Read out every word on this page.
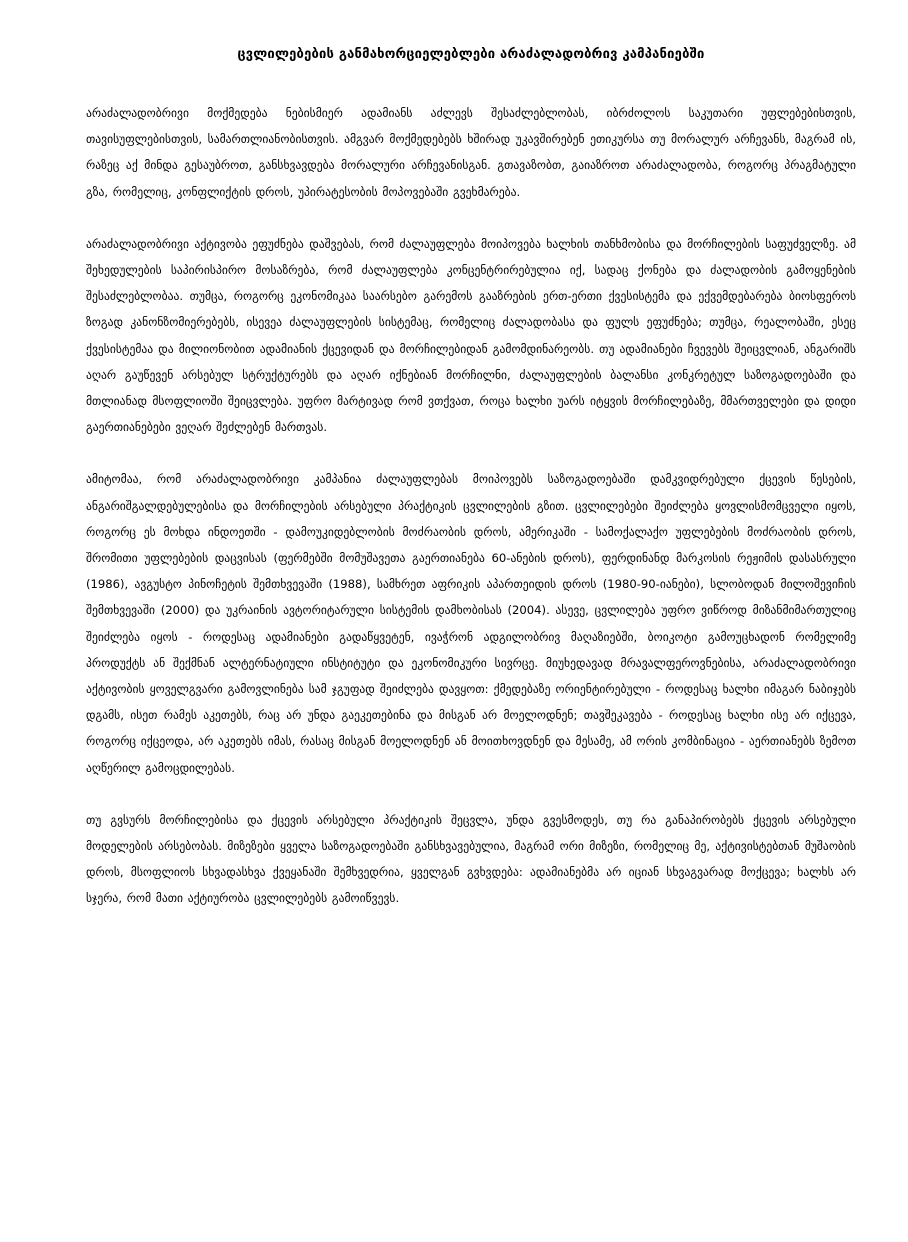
ცვლილებების განმახორციელებლები არაძალადობრივ კამპანიებში

არაძალადობრივი მოქმედება ნებისმიერ ადამიანს აძლევს შესაძლებლობას, იბრძოლოს საკუთარი უფლებებისთვის, თავისუფლებისთვის, სამართლიანობისთვის. ამგვარ მოქმედებებს ხშირად უკავშირებენ ეთიკურსა თუ მორალურ არჩევანს, მაგრამ ის, რაზეც აქ მინდა გესაუბროთ, განსხვავდება მორალური არჩევანისგან. გთავაზობთ, გაიაზროთ არაძალადობა, როგორც პრაგმატული გზა, რომელიც, კონფლიქტის დროს, უპირატესობის მოპოვებაში გვეხმარება.

არაძალადობრივი აქტივობა ეფუძნება დაშვებას, რომ ძალაუფლება მოიპოვება ხალხის თანხმობისა და მორჩილების საფუძველზე. ამ შეხედულების საპირისპირო მოსაზრება, რომ ძალაუფლება კონცენტრირებულია იქ, სადაც ქონება და ძალადობის გამოყენების შესაძლებლობაა. თუმცა, როგორც ეკონომიკაა საარსებო გარემოს გააზრების ერთ-ერთი ქვესისტემა და ექვემდებარება ბიოსფეროს ზოგად კანონზომიერებებს, ისევეა ძალაუფლების სისტემაც, რომელიც ძალადობასა და ფულს ეფუძნება; თუმცა, რეალობაში, ესეც ქვესისტემაა და მილიონობით ადამიანის ქცევიდან და მორჩილებიდან გამომდინარეობს. თუ ადამიანები ჩვევებს შეიცვლიან, ანგარიშს აღარ გაუწევენ არსებულ სტრუქტურებს და აღარ იქნებიან მორჩილნი, ძალაუფლების ბალანსი კონკრეტულ საზოგადოებაში და მთლიანად მსოფლიოში შეიცვლება. უფრო მარტივად რომ ვთქვათ, როცა ხალხი უარს იტყვის მორჩილებაზე, მმართველები და დიდი გაერთიანებები ვეღარ შეძლებენ მართვას.

ამიტომაა, რომ არაძალადობრივი კამპანია ძალაუფლებას მოიპოვებს საზოგადოებაში დამკვიდრებული ქცევის წესების, ანგარიშგალდებულებისა და მორჩილების არსებული პრაქტიკის ცვლილების გზით. ცვლილებები შეიძლება ყოვლისმომცველი იყოს, როგორც ეს მოხდა ინდოეთში - დამოუკიდებლობის მოძრაობის დროს, ამერიკაში - სამოქალაქო უფლებების მოძრაობის დროს, შრომითი უფლებების დაცვისას (ფერმებში მომუშავეთა გაერთიანება 60-ანების დროს), ფერდინანდ მარკოსის რეჟიმის დასასრული (1986), ავგუსტო პინოჩეტის შემთხვევაში (1988), სამხრეთ აფრიკის აპართეიდის დროს (1980-90-იანები), სლობოდან მილოშევიჩის შემთხვევაში (2000) და უკრაინის ავტორიტარული სისტემის დამხობისას (2004). ასევე, ცვლილება უფრო ვიწროდ მიზანმიმართულიც შეიძლება იყოს - როდესაც ადამიანები გადაწყვეტენ, ივაჭრონ ადგილობრივ მაღაზიებში, ბოიკოტი გამოუცხადონ რომელიმე პროდუქტს ან შექმნან ალტერნატიული ინსტიტუტი და ეკონომიკური სივრცე. მიუხედავად მრავალფეროვნებისა, არაძალადობრივი აქტივობის ყოველგვარი გამოვლინება სამ ჯგუფად შეიძლება დავყოთ: ქმედებაზე ორიენტირებული - როდესაც ხალხი იმაგარ ნაბიჯებს დგამს, ისეთ რამეს აკეთებს, რაც არ უნდა გაეკეთებინა და მისგან არ მოელოდნენ; თავშეკავება - როდესაც ხალხი ისე არ იქცევა, როგორც იქცეოდა, არ აკეთებს იმას, რასაც მისგან მოელოდნენ ან მოითხოვდნენ და მესამე, ამ ორის კომბინაცია - აერთიანებს ზემოთ აღწერილ გამოცდილებას.

თუ გვსურს მორჩილებისა და ქცევის არსებული პრაქტიკის შეცვლა, უნდა გვესმოდეს, თუ რა განაპირობებს ქცევის არსებული მოდელების არსებობას. მიზეზები ყველა საზოგადოებაში განსხვავებულია, მაგრამ ორი მიზეზი, რომელიც მე, აქტივისტებთან მუშაობის დროს, მსოფლიოს სხვადასხვა ქვეყანაში შემხვედრია, ყველგან გვხვდება: ადამიანებმა არ იციან სხვაგვარად მოქცევა; ხალხს არ სჯერა, რომ მათი აქტიურობა ცვლილებებს გამოიწვევს.
